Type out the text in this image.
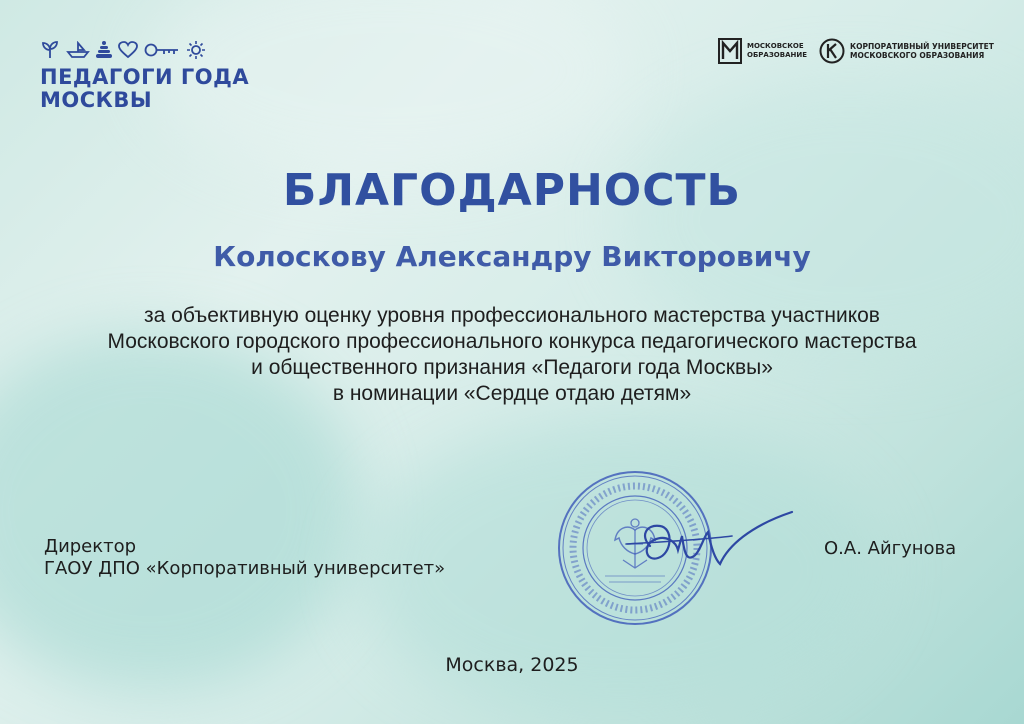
ПЕДАГОГИ ГОДА
МОСКВЫ
МОСКОВСКОЕ
ОБРАЗОВАНИЕ
КОРПОРАТИВНЫЙ УНИВЕРСИТЕТ
МОСКОВСКОГО ОБРАЗОВАНИЯ
БЛАГОДАРНОСТЬ
Колоскову Александру Викторовичу
за объективную оценку уровня профессионального мастерства участников
Московского городского профессионального конкурса педагогического мастерства
и общественного признания «Педагоги года Москвы»
в номинации «Сердце отдаю детям»
Директор
ГАОУ ДПО «Корпоративный университет»
О.А. Айгунова
Москва, 2025
